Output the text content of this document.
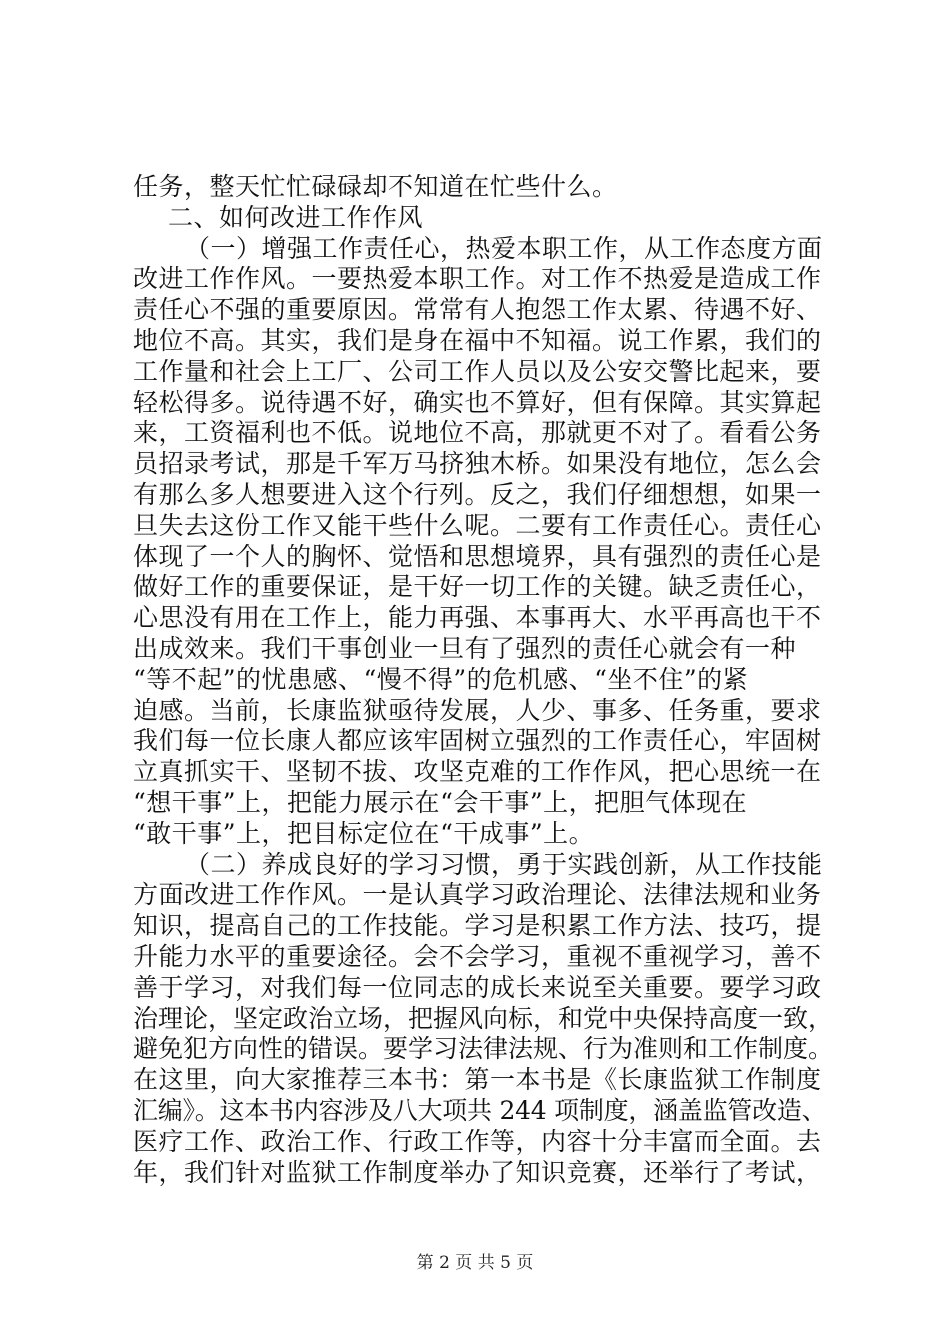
任务，整天忙忙碌碌却不知道在忙些什么。
二、如何改进工作作风
（一）增强工作责任心，热爱本职工作，从工作态度方面
改进工作作风。一要热爱本职工作。对工作不热爱是造成工作
责任心不强的重要原因。常常有人抱怨工作太累、待遇不好、
地位不高。其实，我们是身在福中不知福。说工作累，我们的
工作量和社会上工厂、公司工作人员以及公安交警比起来，要
轻松得多。说待遇不好，确实也不算好，但有保障。其实算起
来，工资福利也不低。说地位不高，那就更不对了。看看公务
员招录考试，那是千军万马挤独木桥。如果没有地位，怎么会
有那么多人想要进入这个行列。反之，我们仔细想想，如果一
旦失去这份工作又能干些什么呢。二要有工作责任心。责任心
体现了一个人的胸怀、觉悟和思想境界，具有强烈的责任心是
做好工作的重要保证，是干好一切工作的关键。缺乏责任心，
心思没有用在工作上，能力再强、本事再大、水平再高也干不
出成效来。我们干事创业一旦有了强烈的责任心就会有一种
“等不起”的忧患感、“慢不得”的危机感、“坐不住”的紧
迫感。当前，长康监狱亟待发展，人少、事多、任务重，要求
我们每一位长康人都应该牢固树立强烈的工作责任心，牢固树
立真抓实干、坚韧不拔、攻坚克难的工作作风，把心思统一在
“想干事”上，把能力展示在“会干事”上，把胆气体现在
“敢干事”上，把目标定位在“干成事”上。
（二）养成良好的学习习惯，勇于实践创新，从工作技能
方面改进工作作风。一是认真学习政治理论、法律法规和业务
知识，提高自己的工作技能。学习是积累工作方法、技巧，提
升能力水平的重要途径。会不会学习，重视不重视学习，善不
善于学习，对我们每一位同志的成长来说至关重要。要学习政
治理论，坚定政治立场，把握风向标，和党中央保持高度一致，
避免犯方向性的错误。要学习法律法规、行为准则和工作制度。
在这里，向大家推荐三本书：第一本书是《长康监狱工作制度
汇编》。这本书内容涉及八大项共 244 项制度，涵盖监管改造、
医疗工作、政治工作、行政工作等，内容十分丰富而全面。去
年，我们针对监狱工作制度举办了知识竞赛，还举行了考试，
第 2 页 共 5 页
